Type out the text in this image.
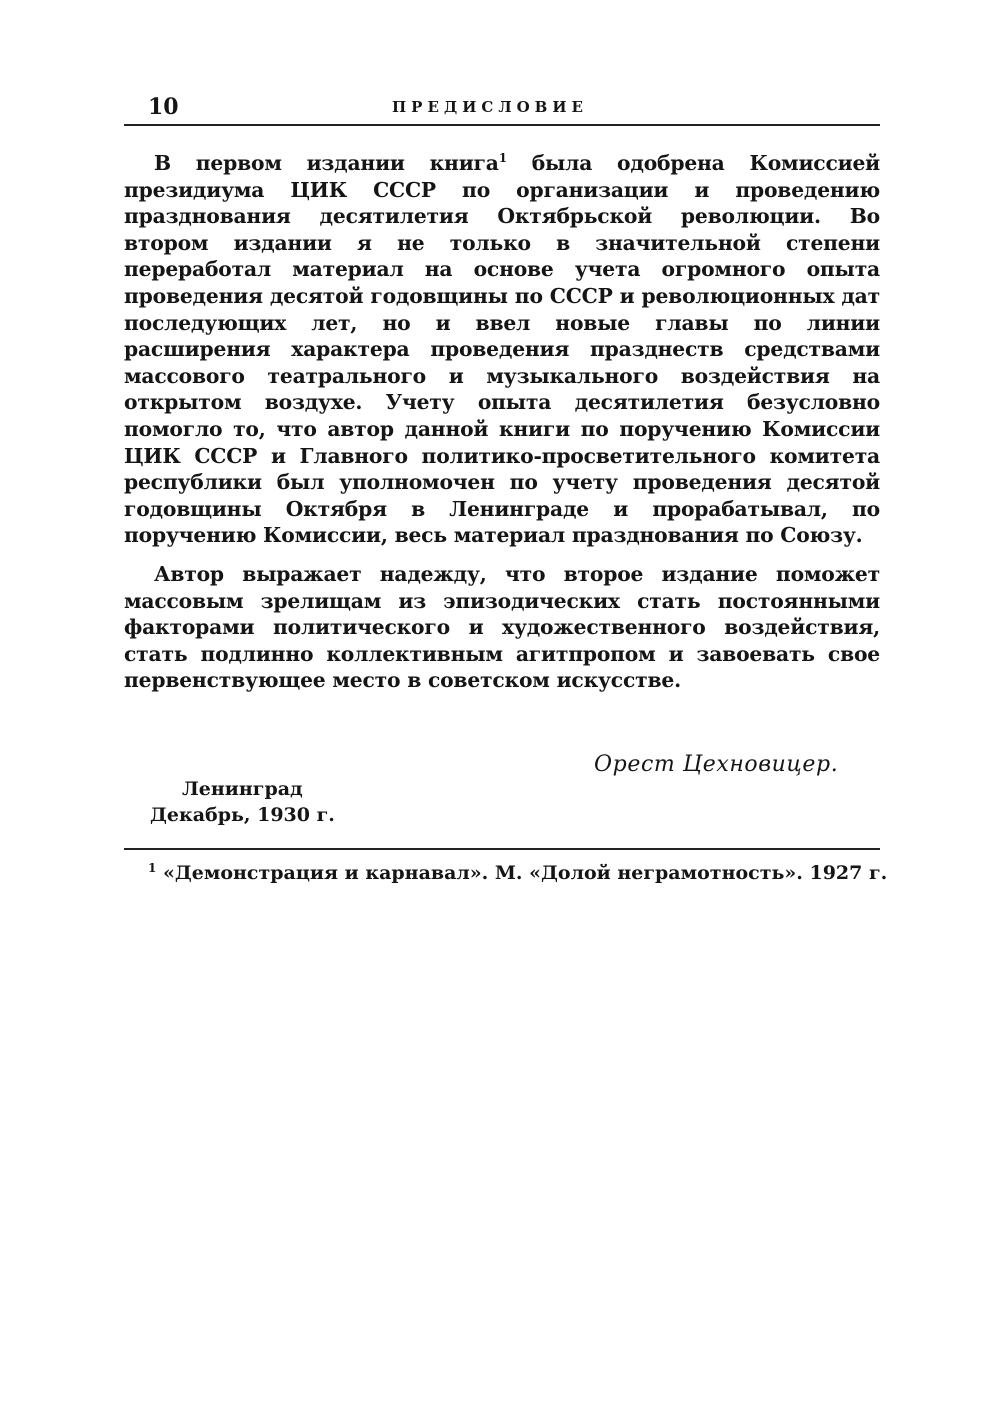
10	ПРЕДИСЛОВИЕ

В первом издании книга$^1$ была одобрена Комиссией президиума ЦИК СССР по организации и проведению празднования десятилетия Октябрьской революции. Во втором издании я не только в значительной степени переработал материал на основе учета огромного опыта проведения десятой годовщины по СССР и революционных дат последующих лет, но и ввел новые главы по линии расширения характера проведения празднеств средствами массового театрального и музыкального воздействия на открытом воздухе. Учету опыта десятилетия безусловно помогло то, что автор данной книги по поручению Комиссии ЦИК СССР и Главного политико-просветительного комитета республики был уполномочен по учету проведения десятой годовщины Октября в Ленинграде и прорабатывал, по поручению Комиссии, весь материал празднования по Союзу.

Автор выражает надежду, что второе издание поможет массовым зрелищам из эпизодических стать постоянными факторами политического и художественного воздействия, стать подлинно коллективным агитпропом и завоевать свое первенствующее место в советском искусстве.

Орест Цехновицер.
Ленинград
Декабрь, 1930 г.
$^1$ «Демонстрация и карнавал». М. «Долой неграмотность». 1927 г.
